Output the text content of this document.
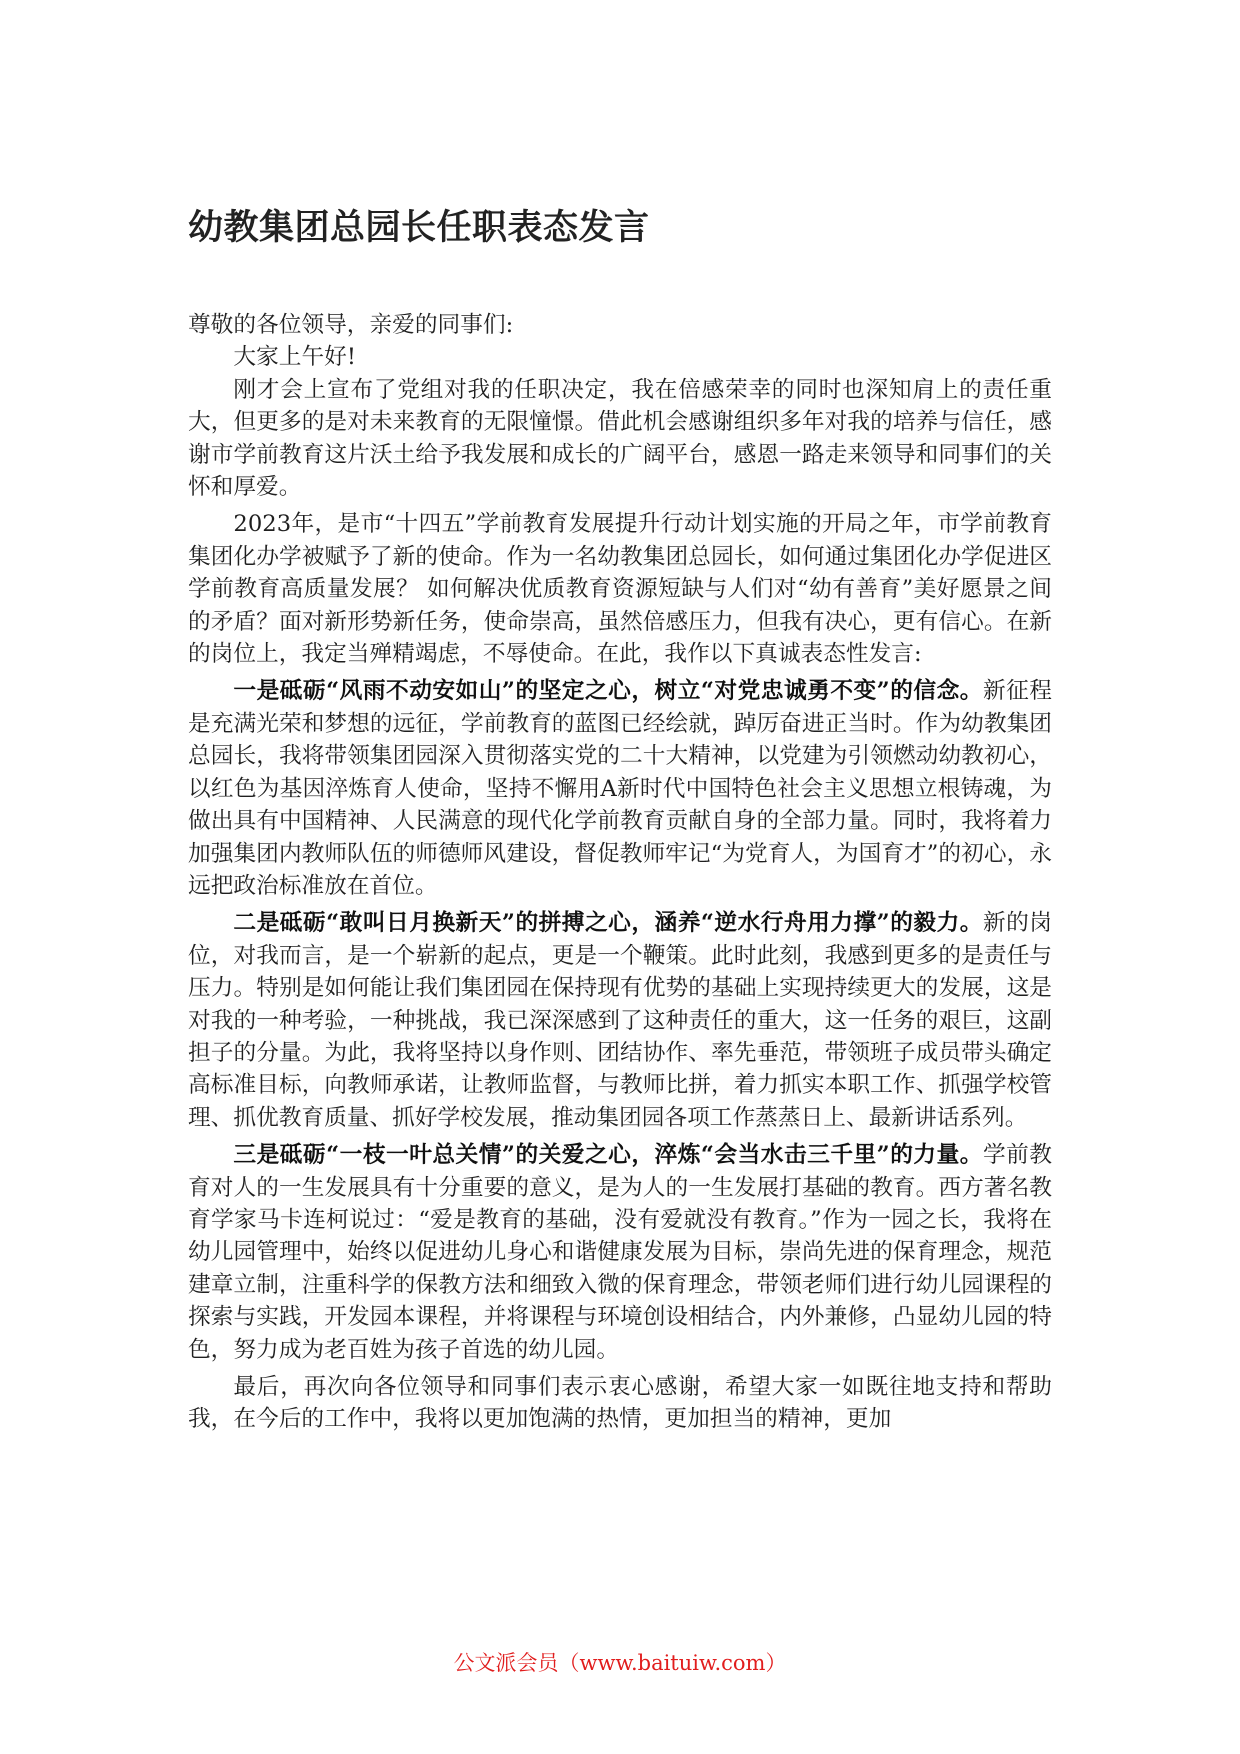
幼教集团总园长任职表态发言

尊敬的各位领导，亲爱的同事们:

大家上午好!

刚才会上宣布了党组对我的任职决定，我在倍感荣幸的同时也深知肩上的责任重大，但更多的是对未来教育的无限憧憬。借此机会感谢组织多年对我的培养与信任，感谢市学前教育这片沃土给予我发展和成长的广阔平台，感恩一路走来领导和同事们的关怀和厚爱。

2023年，是市“十四五”学前教育发展提升行动计划实施的开局之年，市学前教育集团化办学被赋予了新的使命。作为一名幼教集团总园长，如何通过集团化办学促进区学前教育高质量发展？ 如何解决优质教育资源短缺与人们对“幼有善育”美好愿景之间的矛盾？面对新形势新任务，使命崇高，虽然倍感压力，但我有决心，更有信心。在新的岗位上，我定当殚精竭虑，不辱使命。在此，我作以下真诚表态性发言:

一是砥砺“风雨不动安如山”的坚定之心，树立“对党忠诚勇不变”的信念。新征程是充满光荣和梦想的远征，学前教育的蓝图已经绘就，踔厉奋进正当时。作为幼教集团总园长，我将带领集团园深入贯彻落实党的二十大精神，以党建为引领燃动幼教初心，以红色为基因淬炼育人使命，坚持不懈用A新时代中国特色社会主义思想立根铸魂，为做出具有中国精神、人民满意的现代化学前教育贡献自身的全部力量。同时，我将着力加强集团内教师队伍的师德师风建设，督促教师牢记“为党育人，为国育才”的初心，永远把政治标准放在首位。

二是砥砺“敢叫日月换新天”的拼搏之心，涵养“逆水行舟用力撑”的毅力。新的岗位，对我而言，是一个崭新的起点，更是一个鞭策。此时此刻，我感到更多的是责任与压力。特别是如何能让我们集团园在保持现有优势的基础上实现持续更大的发展，这是对我的一种考验，一种挑战，我已深深感到了这种责任的重大，这一任务的艰巨，这副担子的分量。为此，我将坚持以身作则、团结协作、率先垂范，带领班子成员带头确定高标准目标，向教师承诺，让教师监督，与教师比拼，着力抓实本职工作、抓强学校管理、抓优教育质量、抓好学校发展，推动集团园各项工作蒸蒸日上、最新讲话系列。

三是砥砺“一枝一叶总关情”的关爱之心，淬炼“会当水击三千里”的力量。学前教育对人的一生发展具有十分重要的意义，是为人的一生发展打基础的教育。西方著名教育学家马卡连柯说过：“爱是教育的基础，没有爱就没有教育。”作为一园之长，我将在幼儿园管理中，始终以促进幼儿身心和谐健康发展为目标，崇尚先进的保育理念，规范建章立制，注重科学的保教方法和细致入微的保育理念，带领老师们进行幼儿园课程的探索与实践，开发园本课程，并将课程与环境创设相结合，内外兼修，凸显幼儿园的特色，努力成为老百姓为孩子首选的幼儿园。

最后，再次向各位领导和同事们表示衷心感谢，希望大家一如既往地支持和帮助我，在今后的工作中，我将以更加饱满的热情，更加担当的精神，更加

公文派会员（www.baituiw.com）
